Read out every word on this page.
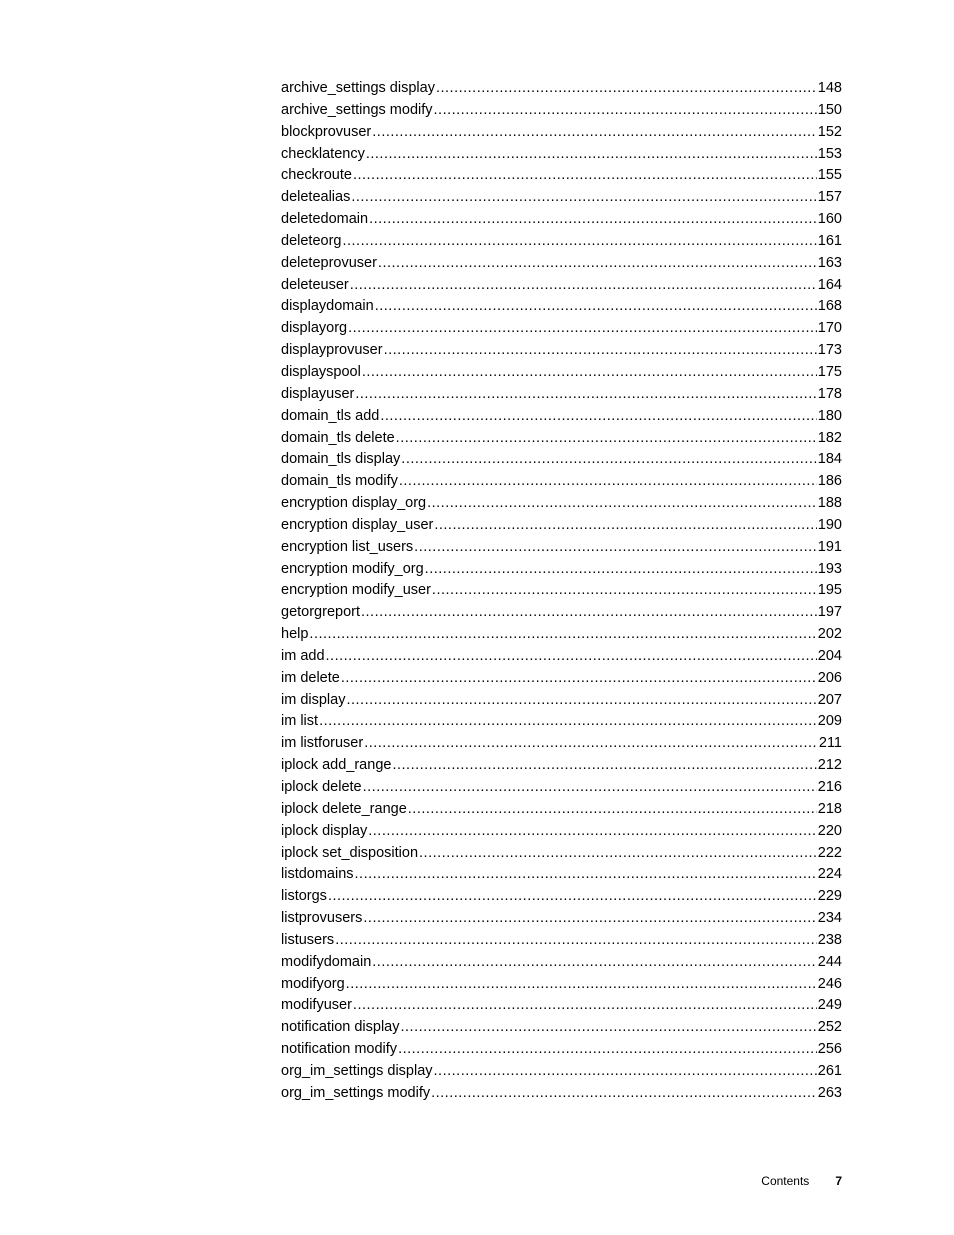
archive_settings display .....	148
archive_settings modify .....	150
blockprovuser .....	152
checklatency .....	153
checkroute .....	155
deletealias .....	157
deletedomain .....	160
deleteorg .....	161
deleteprovuser .....	163
deleteuser .....	164
displaydomain .....	168
displayorg .....	170
displayprovuser .....	173
displayspool .....	175
displayuser .....	178
domain_tls add .....	180
domain_tls delete .....	182
domain_tls display .....	184
domain_tls modify .....	186
encryption display_org .....	188
encryption display_user .....	190
encryption list_users .....	191
encryption modify_org .....	193
encryption modify_user .....	195
getorgreport .....	197
help .....	202
im add .....	204
im delete .....	206
im display .....	207
im list .....	209
im listforuser .....	211
iplock add_range .....	212
iplock delete .....	216
iplock delete_range .....	218
iplock display .....	220
iplock set_disposition .....	222
listdomains .....	224
listorgs .....	229
listprovusers .....	234
listusers .....	238
modifydomain .....	244
modifyorg .....	246
modifyuser .....	249
notification display .....	252
notification modify .....	256
org_im_settings display .....	261
org_im_settings modify .....	263
Contents 7
